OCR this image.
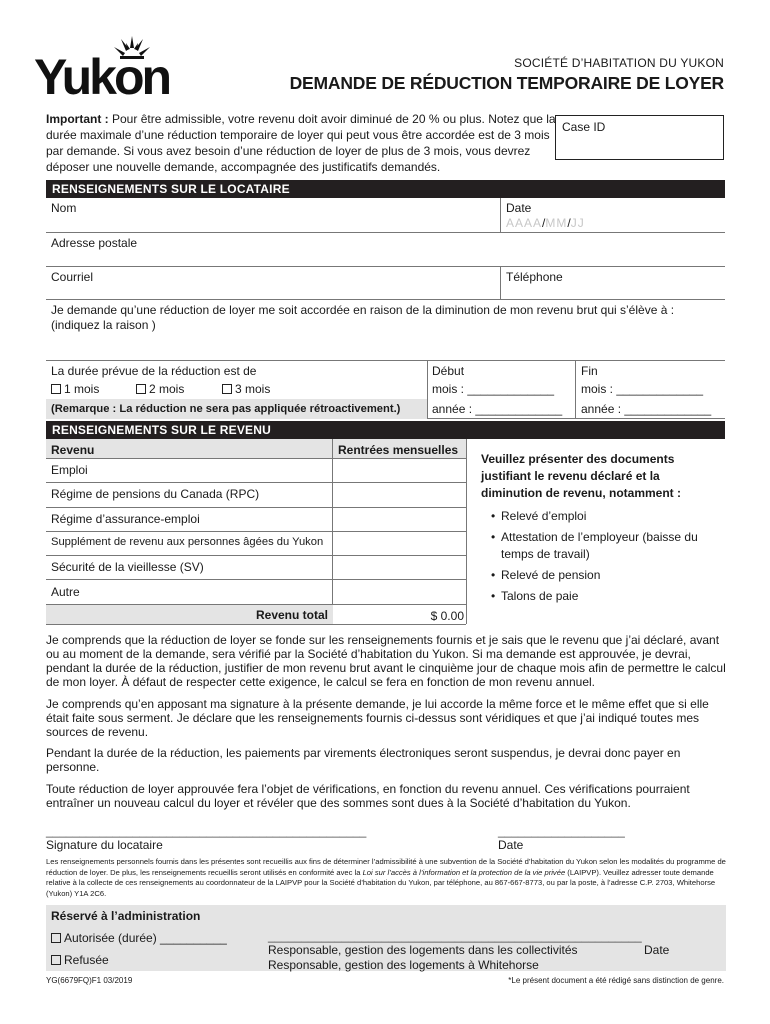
Yukon	SOCIÉTÉ D’HABITATION DU YUKON
DEMANDE DE RÉDUCTION TEMPORAIRE DE LOYER
Important : Pour être admissible, votre revenu doit avoir diminué de 20 % ou plus. Notez que la durée maximale d’une réduction temporaire de loyer qui peut vous être accordée est de 3 mois par demande. Si vous avez besoin d’une réduction de loyer de plus de 3 mois, vous devrez déposer une nouvelle demande, accompagnée des justificatifs demandés.
Case ID
RENSEIGNEMENTS SUR LE LOCATAIRE
Nom	Date
AAAA/MM/JJ
Adresse postale
Courriel	Téléphone
Je demande qu’une réduction de loyer me soit accordée en raison de la diminution de mon revenu brut qui s’élève à :
(indiquez la raison )
La durée prévue de la réduction est de
1 mois	2 mois	3 mois
(Remarque : La réduction ne sera pas appliquée rétroactivement.)
Début
mois : _____________
année : _____________
Fin
mois : _____________
année : _____________
RENSEIGNEMENTS SUR LE REVENU
Revenu	Rentrées mensuelles
Emploi
Régime de pensions du Canada (RPC)
Régime d’assurance-emploi
Supplément de revenu aux personnes âgées du Yukon
Sécurité de la vieillesse (SV)
Autre
Revenu total	$ 0.00
Veuillez présenter des documents justifiant le revenu déclaré et la diminution de revenu, notamment :
• Relevé d’emploi
• Attestation de l’employeur (baisse du temps de travail)
• Relevé de pension
• Talons de paie
Je comprends que la réduction de loyer se fonde sur les renseignements fournis et je sais que le revenu que j’ai déclaré, avant ou au moment de la demande, sera vérifié par la Société d’habitation du Yukon. Si ma demande est approuvée, je devrai, pendant la durée de la réduction, justifier de mon revenu brut avant le cinquième jour de chaque mois afin de permettre le calcul de mon loyer. À défaut de respecter cette exigence, le calcul se fera en fonction de mon revenu annuel.
Je comprends qu’en apposant ma signature à la présente demande, je lui accorde la même force et le même effet que si elle était faite sous serment. Je déclare que les renseignements fournis ci-dessus sont véridiques et que j’ai indiqué toutes mes sources de revenu.
Pendant la durée de la réduction, les paiements par virements électroniques seront suspendus, je devrai donc payer en personne.
Toute réduction de loyer approuvée fera l’objet de vérifications, en fonction du revenu annuel. Ces vérifications pourraient entraîner un nouveau calcul du loyer et révéler que des sommes sont dues à la Société d’habitation du Yukon.
________________________________________________
Signature du locataire
___________________
Date
Les renseignements personnels fournis dans les présentes sont recueillis aux fins de déterminer l’admissibilité à une subvention de la Société d’habitation du Yukon selon les modalités du programme de réduction de loyer. De plus, les renseignements recueillis seront utilisés en conformité avec la Loi sur l’accès à l’information et la protection de la vie privée (LAIPVP). Veuillez adresser toute demande relative à la collecte de ces renseignements au coordonnateur de la LAIPVP pour la Société d’habitation du Yukon, par téléphone, au 867-667-8773, ou par la poste, à l’adresse C.P. 2703, Whitehorse (Yukon) Y1A 2C6.
Réservé à l’administration
Autorisée (durée) __________
Refusée
________________________________________________________
Responsable, gestion des logements dans les collectivités	Date
Responsable, gestion des logements à Whitehorse
YG(6679FQ)F1 03/2019	*Le présent document a été rédigé sans distinction de genre.
